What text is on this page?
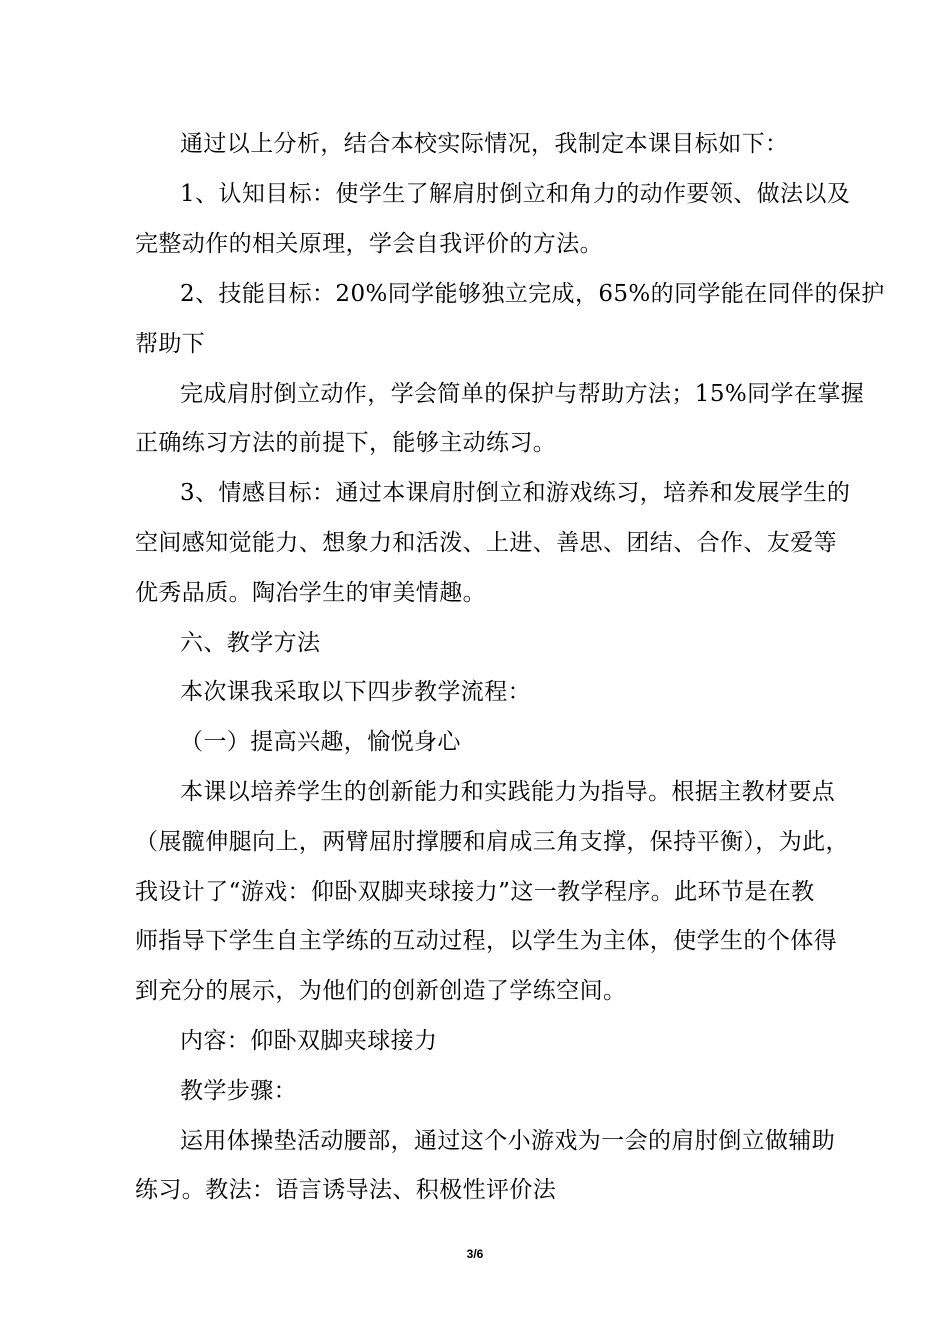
通过以上分析，结合本校实际情况，我制定本课目标如下：
1、认知目标：使学生了解肩肘倒立和角力的动作要领、做法以及
完整动作的相关原理，学会自我评价的方法。
2、技能目标：20%同学能够独立完成，65%的同学能在同伴的保护
帮助下
完成肩肘倒立动作，学会简单的保护与帮助方法；15%同学在掌握
正确练习方法的前提下，能够主动练习。
3、情感目标：通过本课肩肘倒立和游戏练习，培养和发展学生的
空间感知觉能力、想象力和活泼、上进、善思、团结、合作、友爱等
优秀品质。陶冶学生的审美情趣。
六、教学方法
本次课我采取以下四步教学流程：
（一）提高兴趣，愉悦身心
本课以培养学生的创新能力和实践能力为指导。根据主教材要点
（展髋伸腿向上，两臂屈肘撑腰和肩成三角支撑，保持平衡），为此，
我设计了“游戏：仰卧双脚夹球接力”这一教学程序。此环节是在教
师指导下学生自主学练的互动过程，以学生为主体，使学生的个体得
到充分的展示，为他们的创新创造了学练空间。
内容：仰卧双脚夹球接力
教学步骤：
运用体操垫活动腰部，通过这个小游戏为一会的肩肘倒立做辅助
练习。教法：语言诱导法、积极性评价法
3/6
